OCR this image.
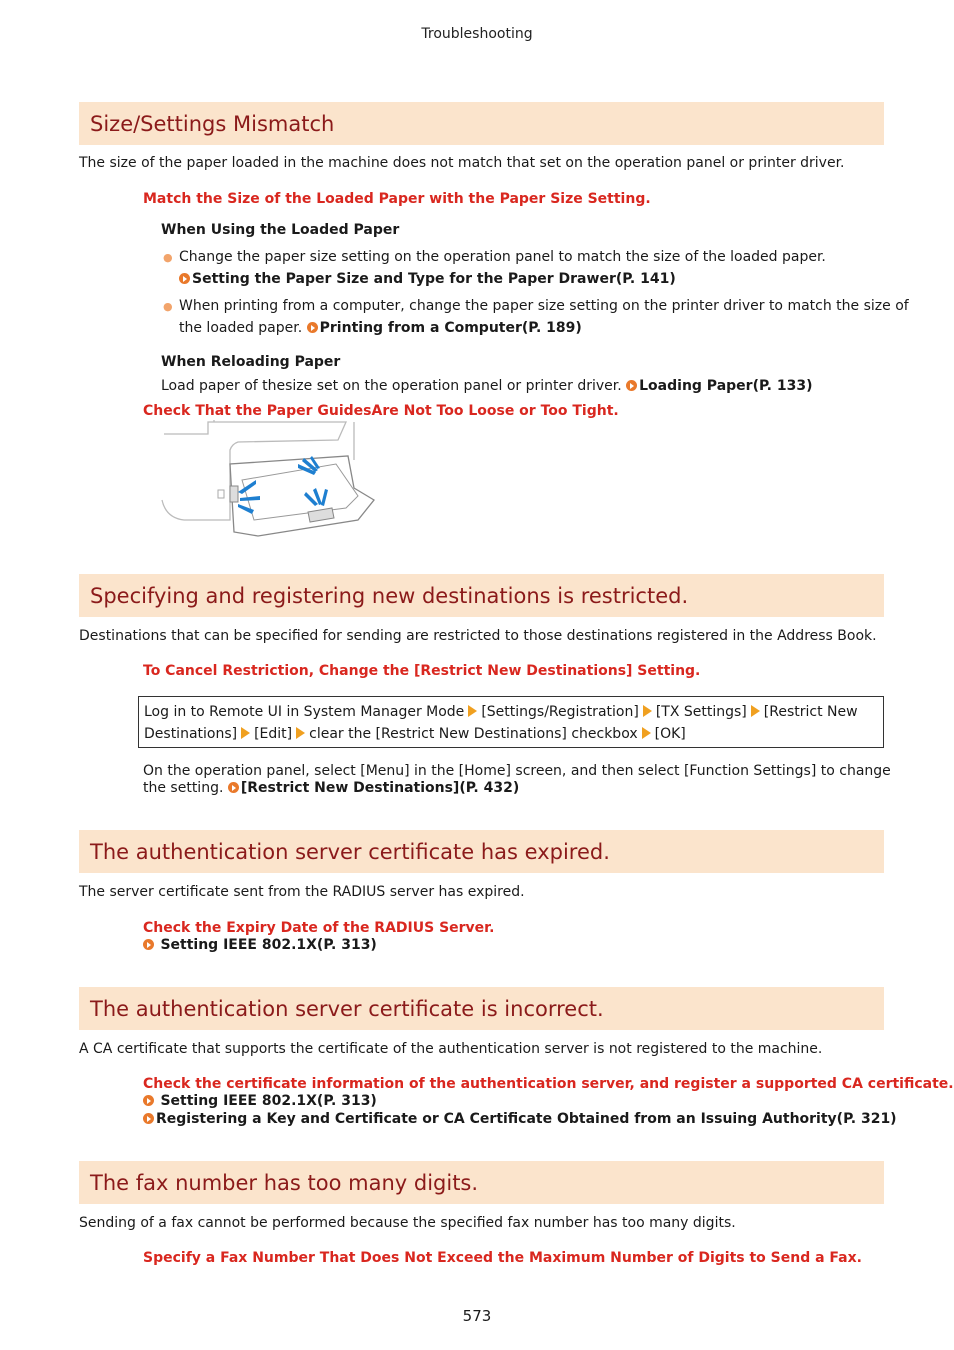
Troubleshooting
Size/Settings Mismatch
The size of the paper loaded in the machine does not match that set on the operation panel or printer driver.
Match the Size of the Loaded Paper with the Paper Size Setting.
When Using the Loaded Paper
● Change the paper size setting on the operation panel to match the size of the loaded paper.
Setting the Paper Size and Type for the Paper Drawer(P. 141)
● When printing from a computer, change the paper size setting on the printer driver to match the size of
the loaded paper. Printing from a Computer(P. 189)
When Reloading Paper
Load paper of thesize set on the operation panel or printer driver. Loading Paper(P. 133)
Check That the Paper GuidesAre Not Too Loose or Too Tight.
Specifying and registering new destinations is restricted.
Destinations that can be specified for sending are restricted to those destinations registered in the Address Book.
To Cancel Restriction, Change the [Restrict New Destinations] Setting.
Log in to Remote UI in System Manager Mode [Settings/Registration] [TX Settings] [Restrict New
Destinations] [Edit] clear the [Restrict New Destinations] checkbox [OK]
On the operation panel, select [Menu] in the [Home] screen, and then select [Function Settings] to change
the setting. [Restrict New Destinations](P. 432)
The authentication server certificate has expired.
The server certificate sent from the RADIUS server has expired.
Check the Expiry Date of the RADIUS Server.
Setting IEEE 802.1X(P. 313)
The authentication server certificate is incorrect.
A CA certificate that supports the certificate of the authentication server is not registered to the machine.
Check the certificate information of the authentication server, and register a supported CA certificate.
Setting IEEE 802.1X(P. 313)
Registering a Key and Certificate or CA Certificate Obtained from an Issuing Authority(P. 321)
The fax number has too many digits.
Sending of a fax cannot be performed because the specified fax number has too many digits.
Specify a Fax Number That Does Not Exceed the Maximum Number of Digits to Send a Fax.
573
